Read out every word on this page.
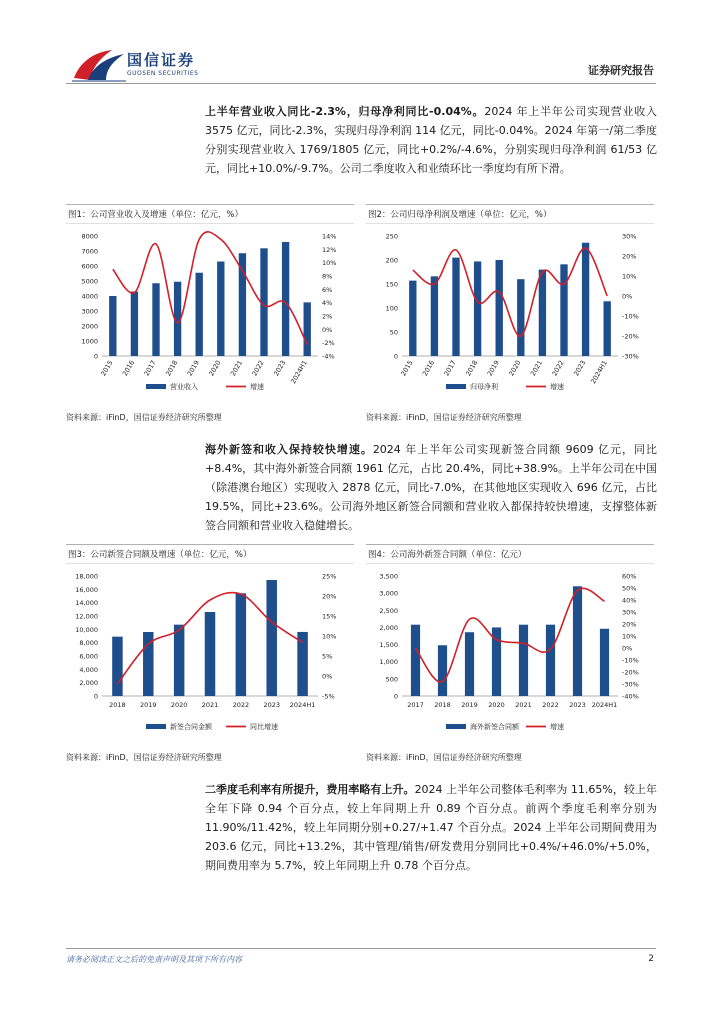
国信证券
GUOSEN SECURITIES	证券研究报告
上半年营业收入同比-2.3%，归母净利同比-0.04%。2024 年上半年公司实现营业收入 3575 亿元，同比-2.3%，实现归母净利润 114 亿元，同比-0.04%。2024 年第一/第二季度分别实现营业收入 1769/1805 亿元，同比+0.2%/-4.6%，分别实现归母净利润 61/53 亿元，同比+10.0%/-9.7%。公司二季度收入和业绩环比一季度均有所下滑。
图1：公司营业收入及增速（单位：亿元，%）
0
1000
2000
3000
4000
5000
6000
7000
8000
-4%
-2%
0%
2%
4%
6%
8%
10%
12%
14%
2015 2016 2017 2018 2019 2020 2021 2022 2023 2024H1
营业收入	增速
资料来源：iFinD，国信证券经济研究所整理
图2：公司归母净利润及增速（单位：亿元，%）
0
50
100
150
200
250
-30%
-20%
-10%
0%
10%
20%
30%
2015 2016 2017 2018 2019 2020 2021 2022 2023 2024H1
归母净利	增速
资料来源：iFinD，国信证券经济研究所整理
海外新签和收入保持较快增速。2024 年上半年公司实现新签合同额 9609 亿元，同比+8.4%，其中海外新签合同额 1961 亿元，占比 20.4%，同比+38.9%。上半年公司在中国（除港澳台地区）实现收入 2878 亿元，同比-7.0%，在其他地区实现收入 696 亿元，占比 19.5%，同比+23.6%。公司海外地区新签合同额和营业收入都保持较快增速，支撑整体新签合同额和营业收入稳健增长。
图3：公司新签合同额及增速（单位：亿元，%）
0
2,000
4,000
6,000
8,000
10,000
12,000
14,000
16,000
18,000
-5%
0%
5%
10%
15%
20%
25%
2018 2019 2020 2021 2022 2023 2024H1
新签合同金额	同比增速
资料来源：iFinD，国信证券经济研究所整理
图4：公司海外新签合同额（单位：亿元）
0
500
1,000
1,500
2,000
2,500
3,000
3,500
-40%
-30%
-20%
-10%
0%
10%
20%
30%
40%
50%
60%
2017 2018 2019 2020 2021 2022 2023 2024H1
海外新签合同额	增速
资料来源：iFinD，国信证券经济研究所整理
二季度毛利率有所提升，费用率略有上升。2024 上半年公司整体毛利率为 11.65%，较上年全年下降 0.94 个百分点，较上年同期上升 0.89 个百分点。前两个季度毛利率分别为 11.90%/11.42%，较上年同期分别+0.27/+1.47 个百分点。2024 上半年公司期间费用为 203.6 亿元，同比+13.2%，其中管理/销售/研发费用分别同比+0.4%/+46.0%/+5.0%，期间费用率为 5.7%，较上年同期上升 0.78 个百分点。
请务必阅读正文之后的免责声明及其项下所有内容	2
